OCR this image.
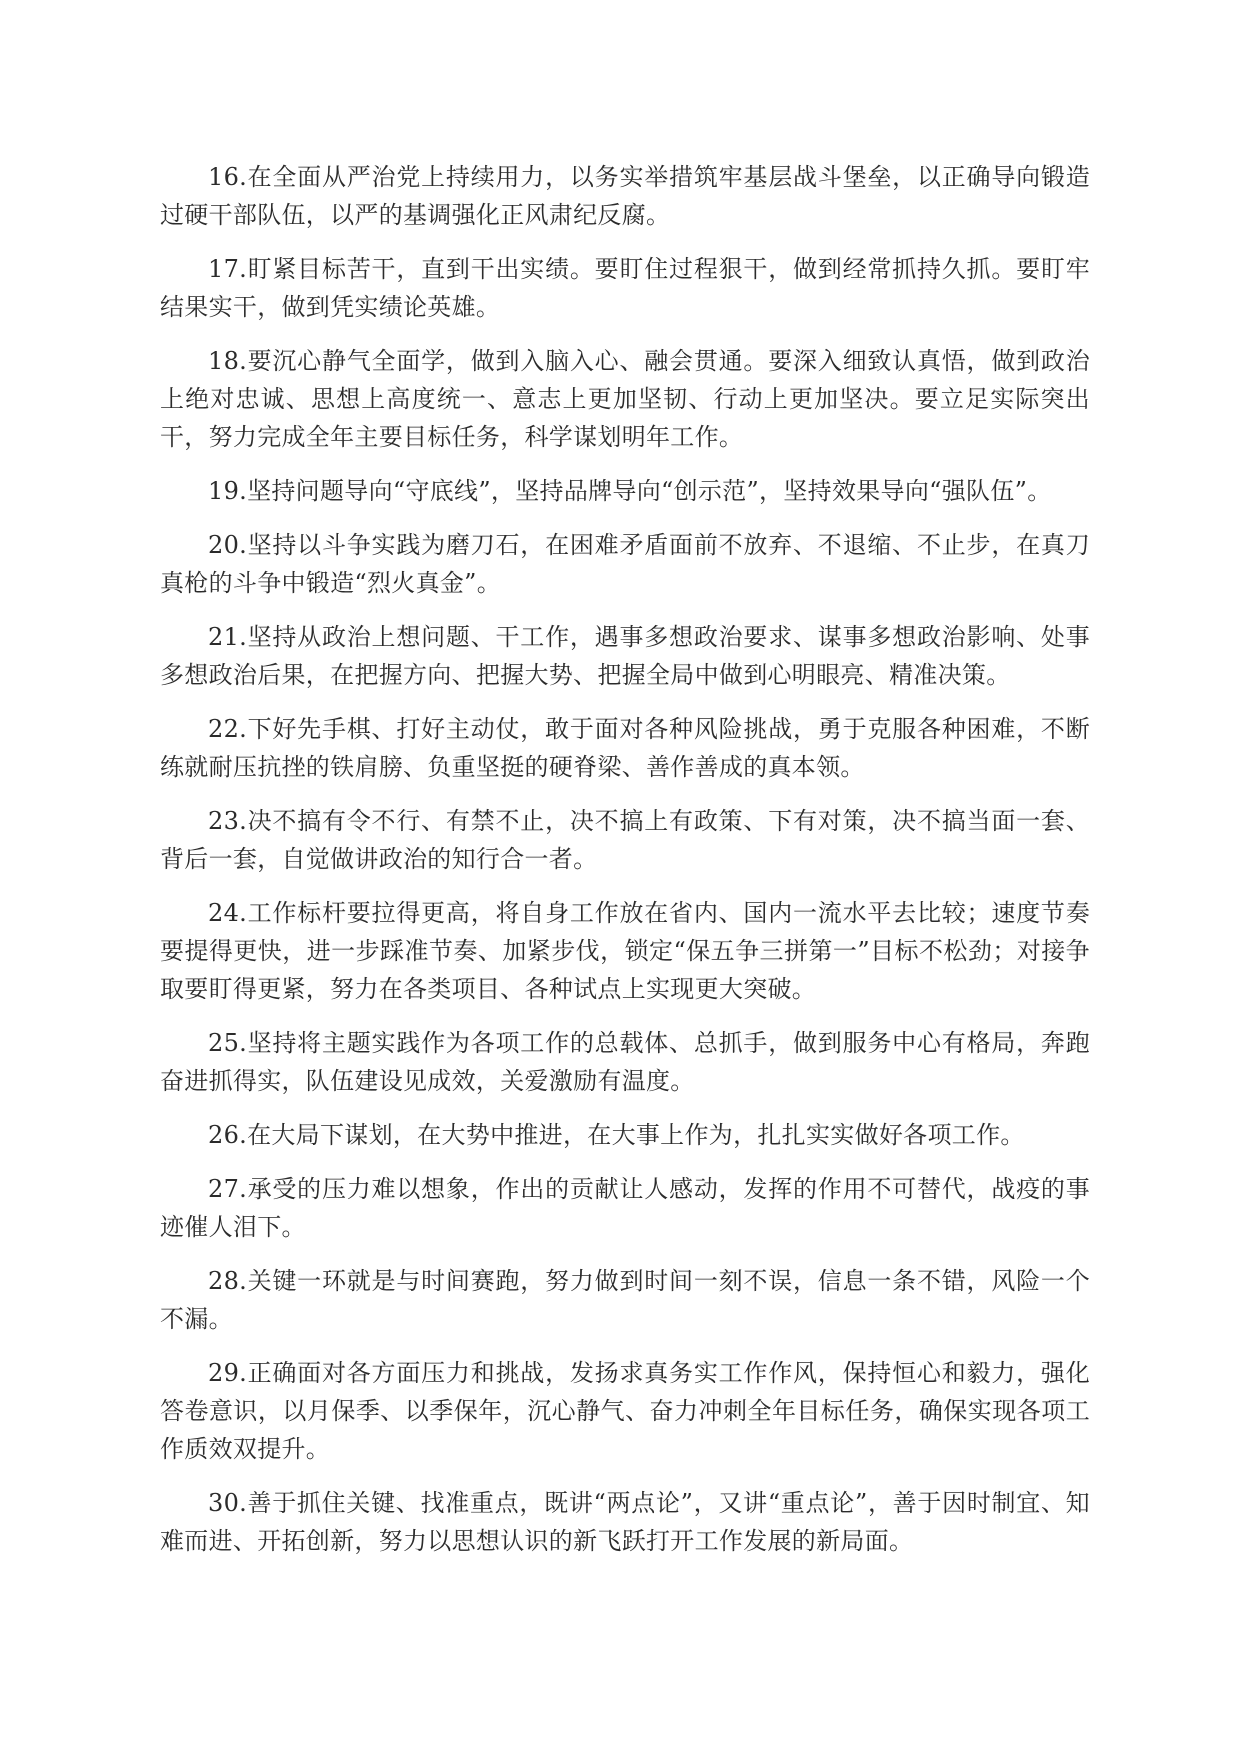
16.在全面从严治党上持续用力，以务实举措筑牢基层战斗堡垒，以正确导向锻造过硬干部队伍，以严的基调强化正风肃纪反腐。

17.盯紧目标苦干，直到干出实绩。要盯住过程狠干，做到经常抓持久抓。要盯牢结果实干，做到凭实绩论英雄。

18.要沉心静气全面学，做到入脑入心、融会贯通。要深入细致认真悟，做到政治上绝对忠诚、思想上高度统一、意志上更加坚韧、行动上更加坚决。要立足实际突出干，努力完成全年主要目标任务，科学谋划明年工作。

19.坚持问题导向“守底线”，坚持品牌导向“创示范”，坚持效果导向“强队伍”。

20.坚持以斗争实践为磨刀石，在困难矛盾面前不放弃、不退缩、不止步，在真刀真枪的斗争中锻造“烈火真金”。

21.坚持从政治上想问题、干工作，遇事多想政治要求、谋事多想政治影响、处事多想政治后果，在把握方向、把握大势、把握全局中做到心明眼亮、精准决策。

22.下好先手棋、打好主动仗，敢于面对各种风险挑战，勇于克服各种困难，不断练就耐压抗挫的铁肩膀、负重坚挺的硬脊梁、善作善成的真本领。

23.决不搞有令不行、有禁不止，决不搞上有政策、下有对策，决不搞当面一套、背后一套，自觉做讲政治的知行合一者。

24.工作标杆要拉得更高，将自身工作放在省内、国内一流水平去比较；速度节奏要提得更快，进一步踩准节奏、加紧步伐，锁定“保五争三拼第一”目标不松劲；对接争取要盯得更紧，努力在各类项目、各种试点上实现更大突破。

25.坚持将主题实践作为各项工作的总载体、总抓手，做到服务中心有格局，奔跑奋进抓得实，队伍建设见成效，关爱激励有温度。

26.在大局下谋划，在大势中推进，在大事上作为，扎扎实实做好各项工作。

27.承受的压力难以想象，作出的贡献让人感动，发挥的作用不可替代，战疫的事迹催人泪下。

28.关键一环就是与时间赛跑，努力做到时间一刻不误，信息一条不错，风险一个不漏。

29.正确面对各方面压力和挑战，发扬求真务实工作作风，保持恒心和毅力，强化答卷意识，以月保季、以季保年，沉心静气、奋力冲刺全年目标任务，确保实现各项工作质效双提升。

30.善于抓住关键、找准重点，既讲“两点论”，又讲“重点论”，善于因时制宜、知难而进、开拓创新，努力以思想认识的新飞跃打开工作发展的新局面。
